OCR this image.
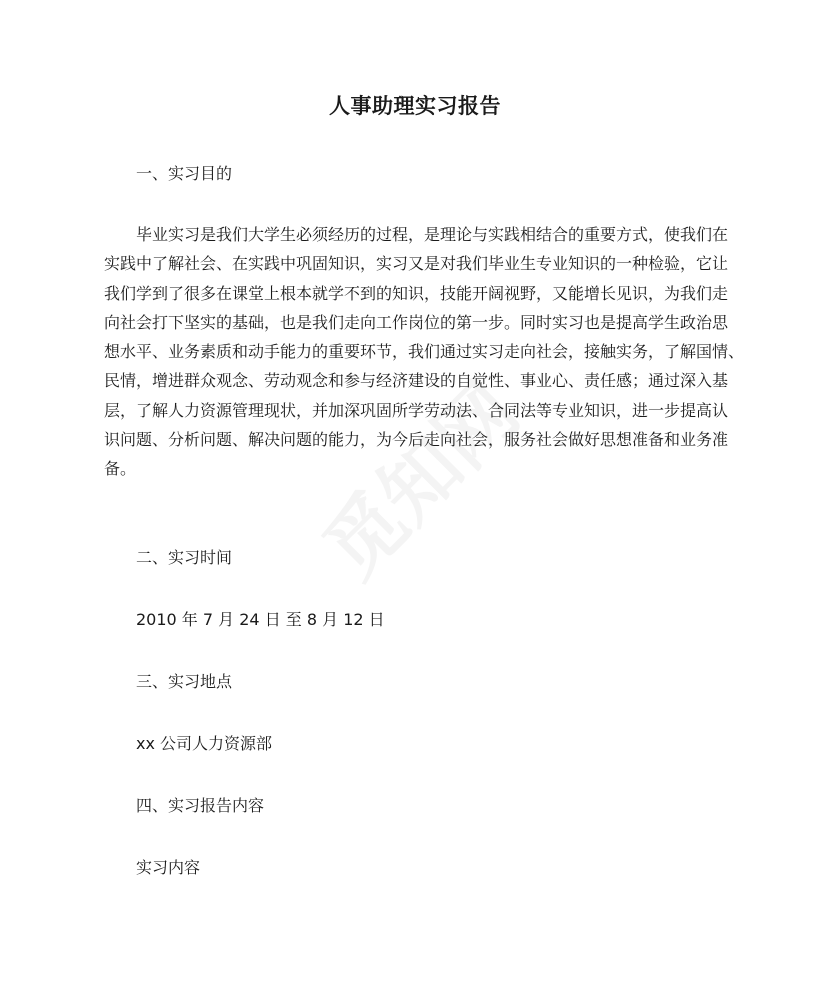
人事助理实习报告
一、实习目的
毕业实习是我们大学生必须经历的过程，是理论与实践相结合的重要方式，使我们在
实践中了解社会、在实践中巩固知识，实习又是对我们毕业生专业知识的一种检验，它让
我们学到了很多在课堂上根本就学不到的知识，技能开阔视野，又能增长见识，为我们走
向社会打下坚实的基础，也是我们走向工作岗位的第一步。同时实习也是提高学生政治思
想水平、业务素质和动手能力的重要环节，我们通过实习走向社会，接触实务，了解国情、
民情，增进群众观念、劳动观念和参与经济建设的自觉性、事业心、责任感；通过深入基
层，了解人力资源管理现状，并加深巩固所学劳动法、合同法等专业知识，进一步提高认
识问题、分析问题、解决问题的能力，为今后走向社会，服务社会做好思想准备和业务准
备。
二、实习时间
2010 年 7 月 24 日 至 8 月 12 日
三、实习地点
xx 公司人力资源部
四、实习报告内容
实习内容
